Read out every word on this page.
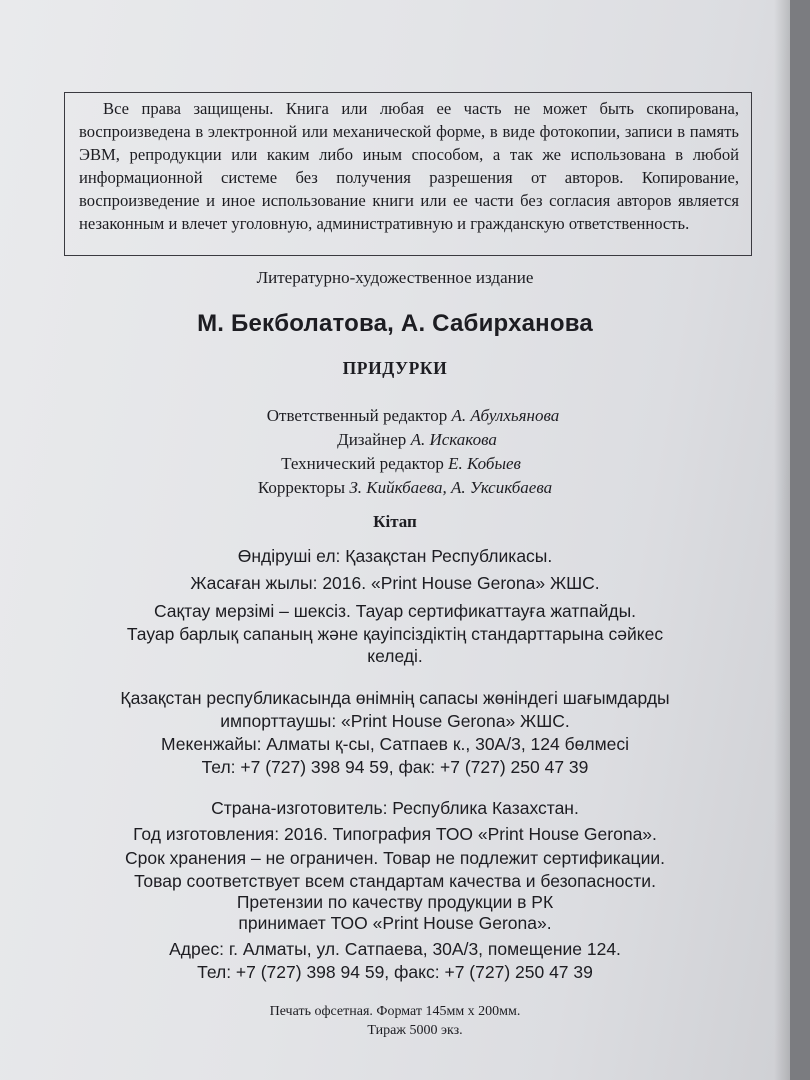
Все права защищены. Книга или любая ее часть не может быть скопирована, воспроизведена в электронной или механической форме, в виде фотокопии, записи в память ЭВМ, репродукции или каким либо иным способом, а так же использована в любой информационной системе без получения разрешения от авторов. Копирование, воспроизведение и иное использование книги или ее части без согласия авторов является незаконным и влечет уголовную, административную и гражданскую ответственность.
Литературно-художественное издание
М. Бекболатова, А. Сабирханова
ПРИДУРКИ
Ответственный редактор А. Абулхьянова
Дизайнер А. Искакова
Технический редактор Е. Кобыев
Корректоры З. Кийкбаева, А. Уксикбаева
Кітап
Өндіруші ел: Қазақстан Республикасы.
Жасаған жылы: 2016. «Print House Gerona» ЖШС.
Сақтау мерзімі – шексіз. Тауар сертификаттауға жатпайды.
Тауар барлық сапаның және қауіпсіздіктің стандарттарына сәйкес
келеді.
Қазақстан республикасында өнімнің сапасы жөніндегі шағымдарды
импорттаушы: «Print House Gerona» ЖШС.
Мекенжайы: Алматы қ-сы, Сатпаев к., 30А/3, 124 бөлмесі
Тел: +7 (727) 398 94 59, фак: +7 (727) 250 47 39
Страна-изготовитель: Республика Казахстан.
Год изготовления: 2016. Типография ТОО «Print House Gerona».
Срок хранения – не ограничен. Товар не подлежит сертификации.
Товар соответствует всем стандартам качества и безопасности.
Претензии по качеству продукции в РК
принимает ТОО «Print House Gerona».
Адрес: г. Алматы, ул. Сатпаева, 30А/3, помещение 124.
Тел: +7 (727) 398 94 59, факс: +7 (727) 250 47 39
Печать офсетная. Формат 145мм х 200мм.
Тираж 5000 экз.
